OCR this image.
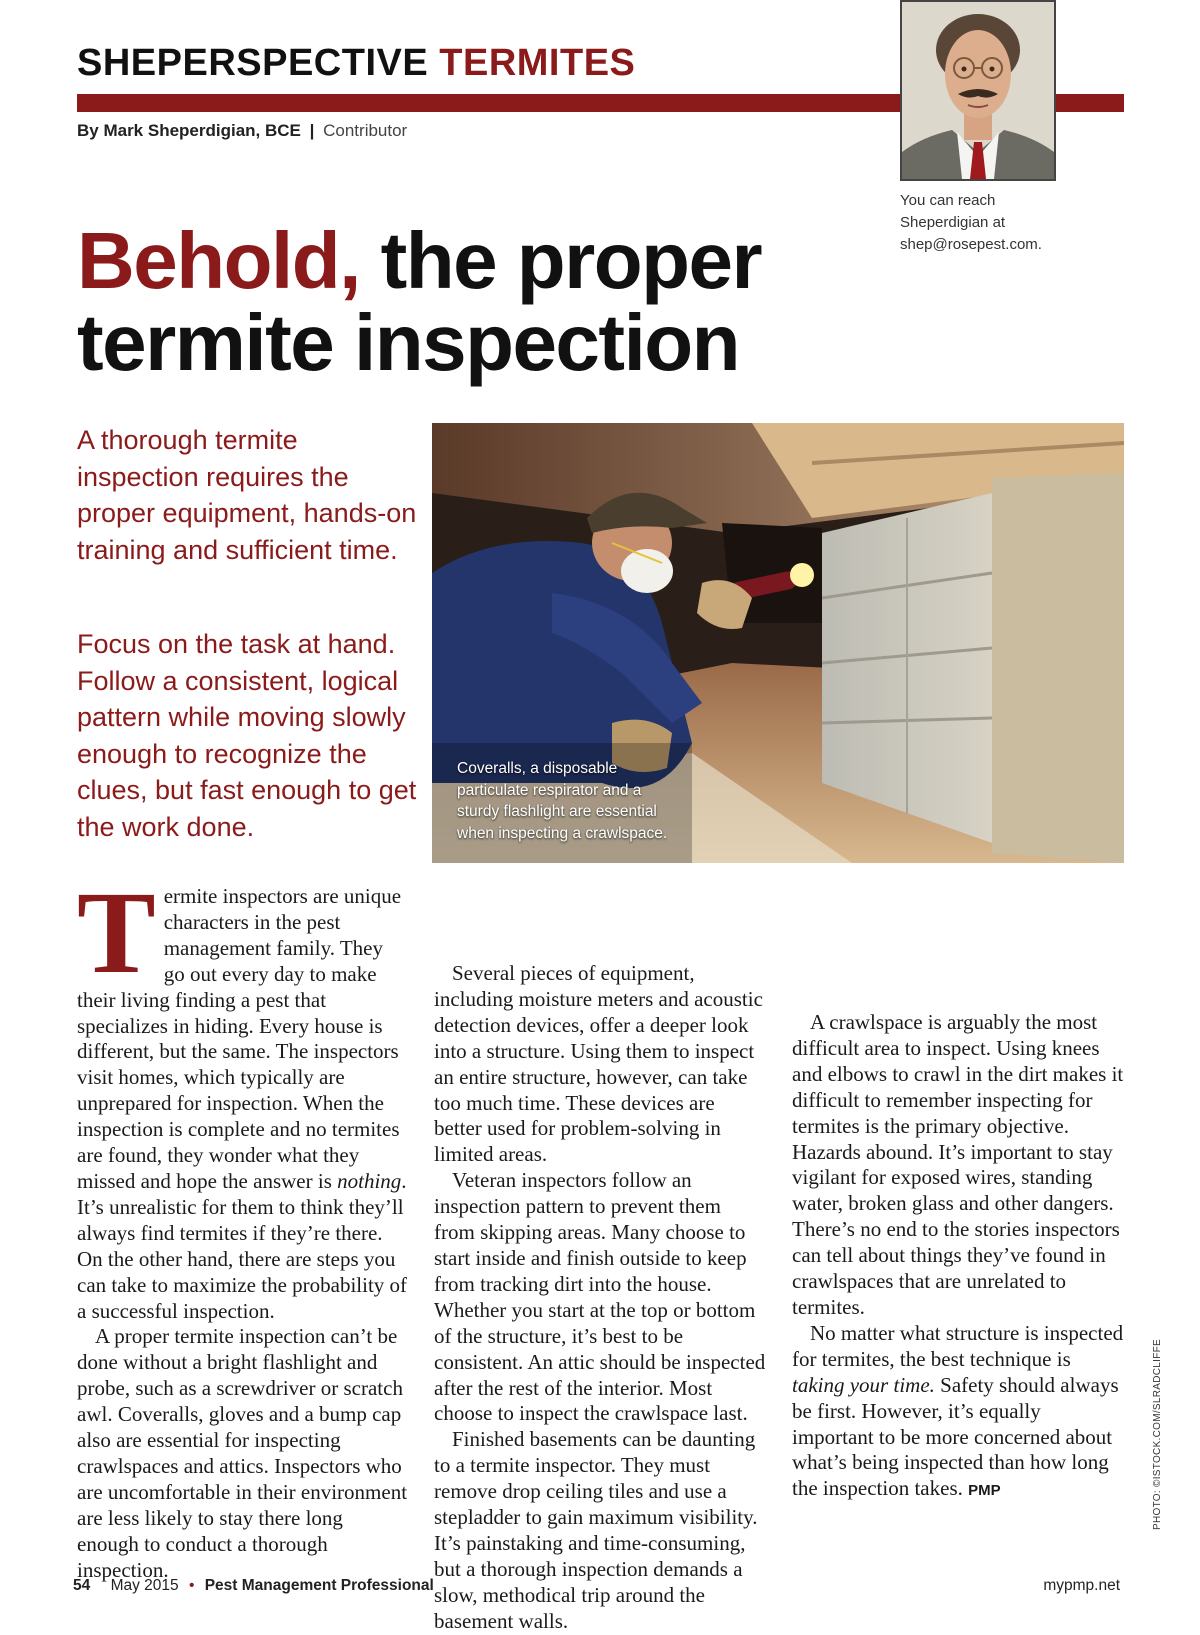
SHEPERSPECTIVE TERMITES
By Mark Sheperdigian, BCE | Contributor
You can reach
Sheperdigian at
shep@rosepest.com.
Behold, the proper
termite inspection
A thorough termite inspection requires the proper equipment, hands-on training and sufficient time.
Focus on the task at hand. Follow a consistent, logical pattern while moving slowly enough to recognize the clues, but fast enough to get the work done.
Coveralls, a disposable particulate respirator and a sturdy flashlight are essential when inspecting a crawlspace.

Termite inspectors are unique characters in the pest management family. They go out every day to make their living finding a pest that specializes in hiding. Every house is different, but the same. The inspectors visit homes, which typically are unprepared for inspection. When the inspection is complete and no termites are found, they wonder what they missed and hope the answer is nothing. It’s unrealistic for them to think they’ll always find termites if they’re there. On the other hand, there are steps you can take to maximize the probability of a successful inspection.

A proper termite inspection can’t be done without a bright flashlight and probe, such as a screwdriver or scratch awl. Coveralls, gloves and a bump cap also are essential for inspecting crawlspaces and attics. Inspectors who are uncomfortable in their environment are less likely to stay there long enough to conduct a thorough inspection.

Several pieces of equipment, including moisture meters and acoustic detection devices, offer a deeper look into a structure. Using them to inspect an entire structure, however, can take too much time. These devices are better used for problem-solving in limited areas.

Veteran inspectors follow an inspection pattern to prevent them from skipping areas. Many choose to start inside and finish outside to keep from tracking dirt into the house. Whether you start at the top or bottom of the structure, it’s best to be consistent. An attic should be inspected after the rest of the interior. Most choose to inspect the crawlspace last.

Finished basements can be daunting to a termite inspector. They must remove drop ceiling tiles and use a stepladder to gain maximum visibility. It’s painstaking and time-consuming, but a thorough inspection demands a slow, methodical trip around the basement walls.

A crawlspace is arguably the most difficult area to inspect. Using knees and elbows to crawl in the dirt makes it difficult to remember inspecting for termites is the primary objective. Hazards abound. It’s important to stay vigilant for exposed wires, standing water, broken glass and other dangers. There’s no end to the stories inspectors can tell about things they’ve found in crawlspaces that are unrelated to termites.

No matter what structure is inspected for termites, the best technique is taking your time. Safety should always be first. However, it’s equally important to be more concerned about what’s being inspected than how long the inspection takes. PMP	PHOTO: ©ISTOCK.COM/SLRADCLIFFE
54 May 2015 • Pest Management Professional	mypmp.net
